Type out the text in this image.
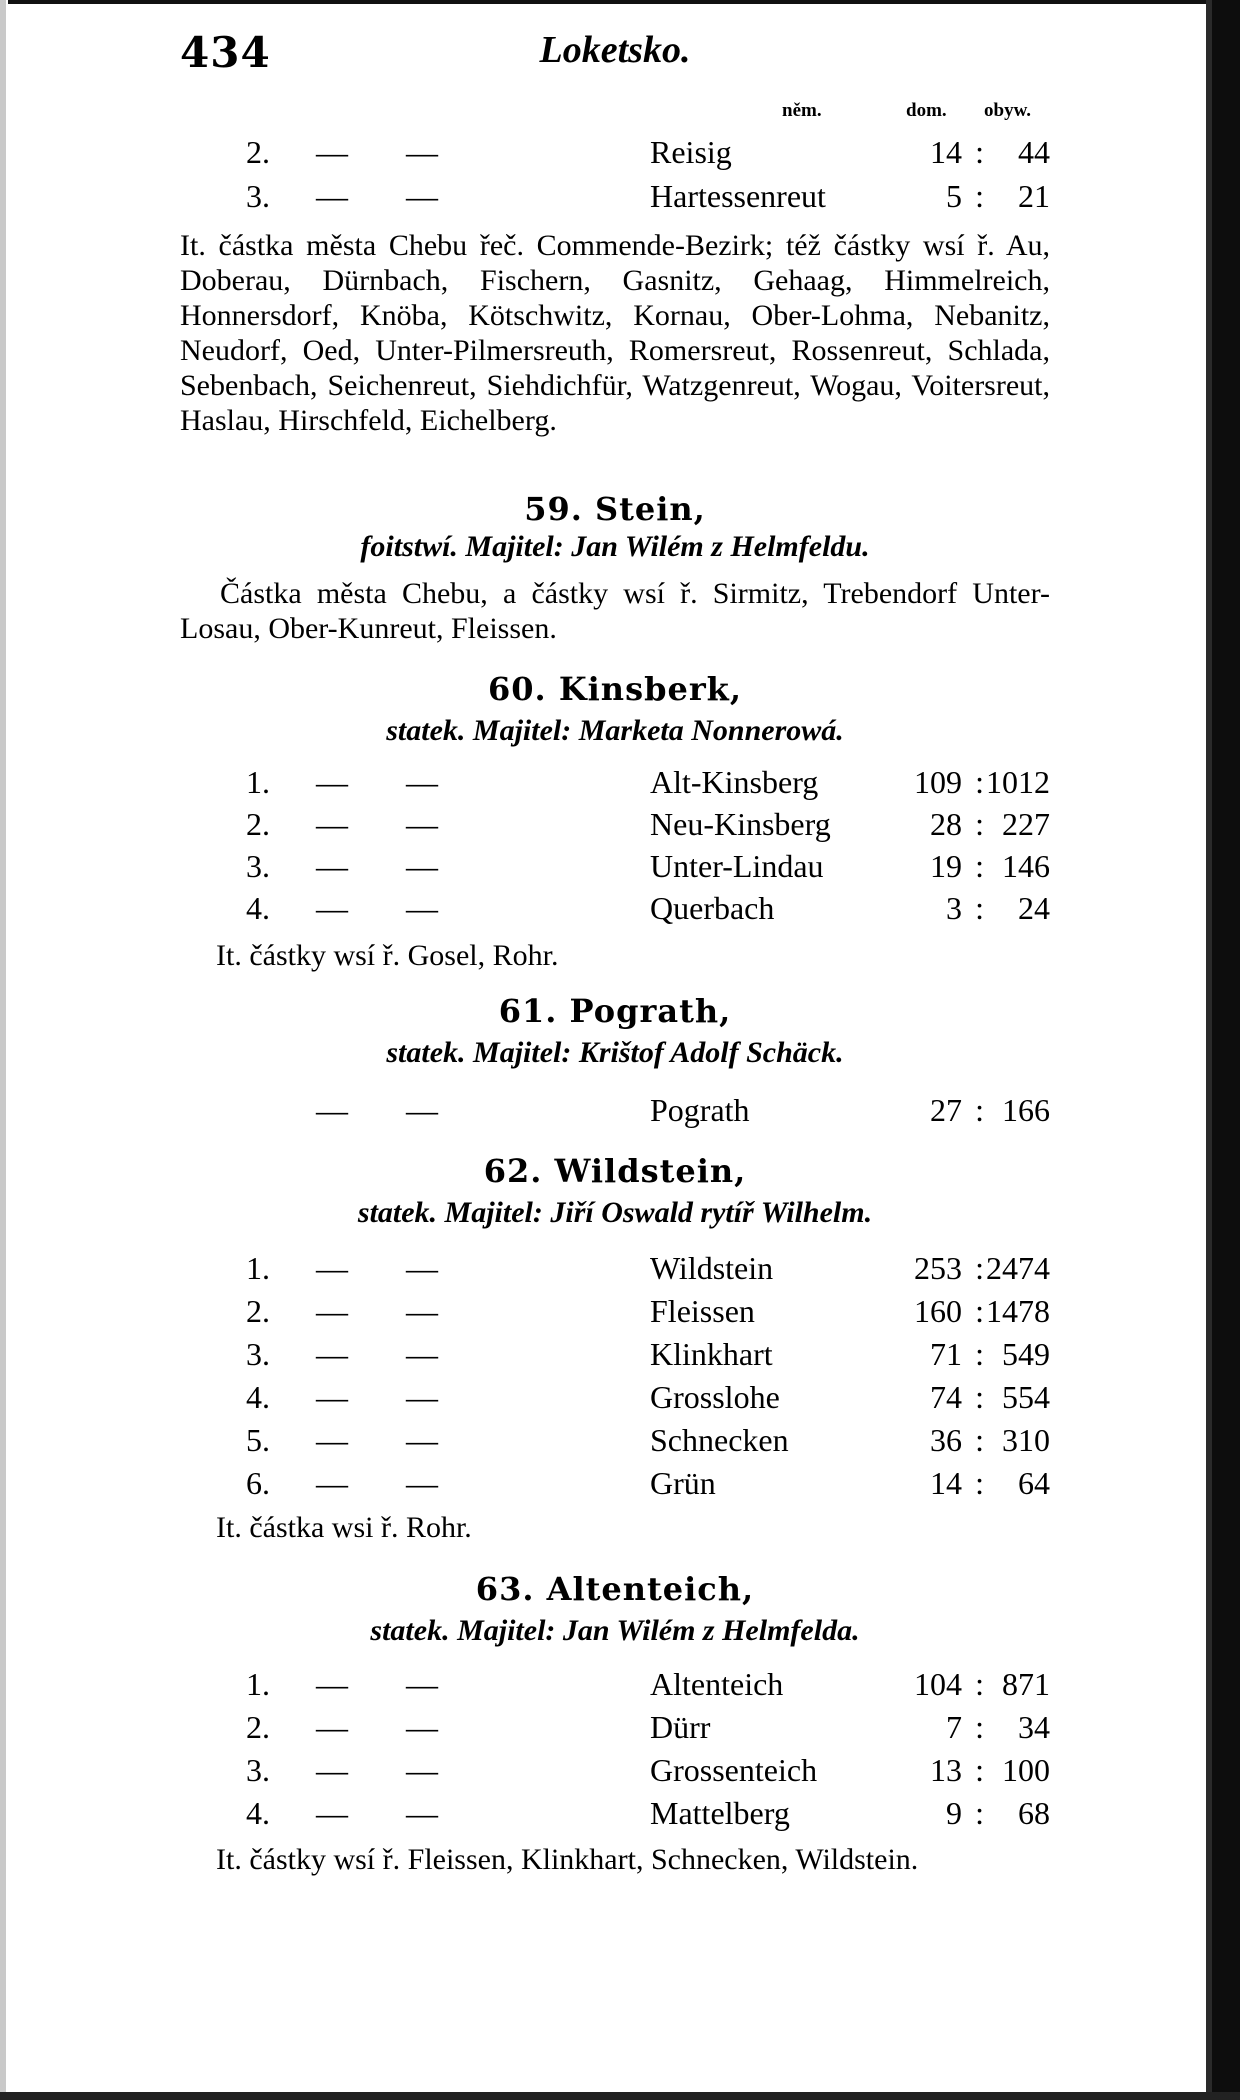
434	Loketsko.
něm.	dom. obyw.
2.	Reisig	14 :	44
3.	Hartessenreut	5 :	21
It. částka města Chebu řeč. Commende-Bezirk; též částky wsí ř. Au, Doberau, Dürnbach, Fischern, Gasnitz, Gehaag, Himmelreich, Honnersdorf, Knöba, Kötschwitz, Kornau, Ober-Lohma, Nebanitz, Neudorf, Oed, Unter-Pilmersreuth, Romersreut, Rossenreut, Schlada, Sebenbach, Seichenreut, Siehdichfür, Watzgenreut, Wogau, Voitersreut, Haslau, Hirschfeld, Eichelberg.
59. Stein,
foitstwí. Majitel: Jan Wilém z Helmfeldu.
Částka města Chebu, a částky wsí ř. Sirmitz, Trebendorf Unter-Losau, Ober-Kunreut, Fleissen.
60. Kinsberk,
statek. Majitel: Marketa Nonnerowá.
1.	Alt-Kinsberg	109 : 1012
2.	Neu-Kinsberg	28 : 227
3.	Unter-Lindau	19 : 146
4.	Querbach	3 :	24
It. částky wsí ř. Gosel, Rohr.
61. Pograth,
statek. Majitel: Krištof Adolf Schäck.
Pograth	27 : 166
62. Wildstein,
statek. Majitel: Jiří Oswald rytíř Wilhelm.
1.	Wildstein	253 : 2474
2.	Fleissen	160 : 1478
3.	Klinkhart	71 : 549
4.	Grosslohe	74 : 554
5.	Schnecken	36 : 310
6.	Grün	14 :	64
It. částka wsi ř. Rohr.
63. Altenteich,
statek. Majitel: Jan Wilém z Helmfelda.
1.	Altenteich	104 : 871
2.	Dürr	7 :	34
3.	Grossenteich	13 : 100
4.	Mattelberg	9 :	68
It. částky wsí ř. Fleissen, Klinkhart, Schnecken, Wildstein.
